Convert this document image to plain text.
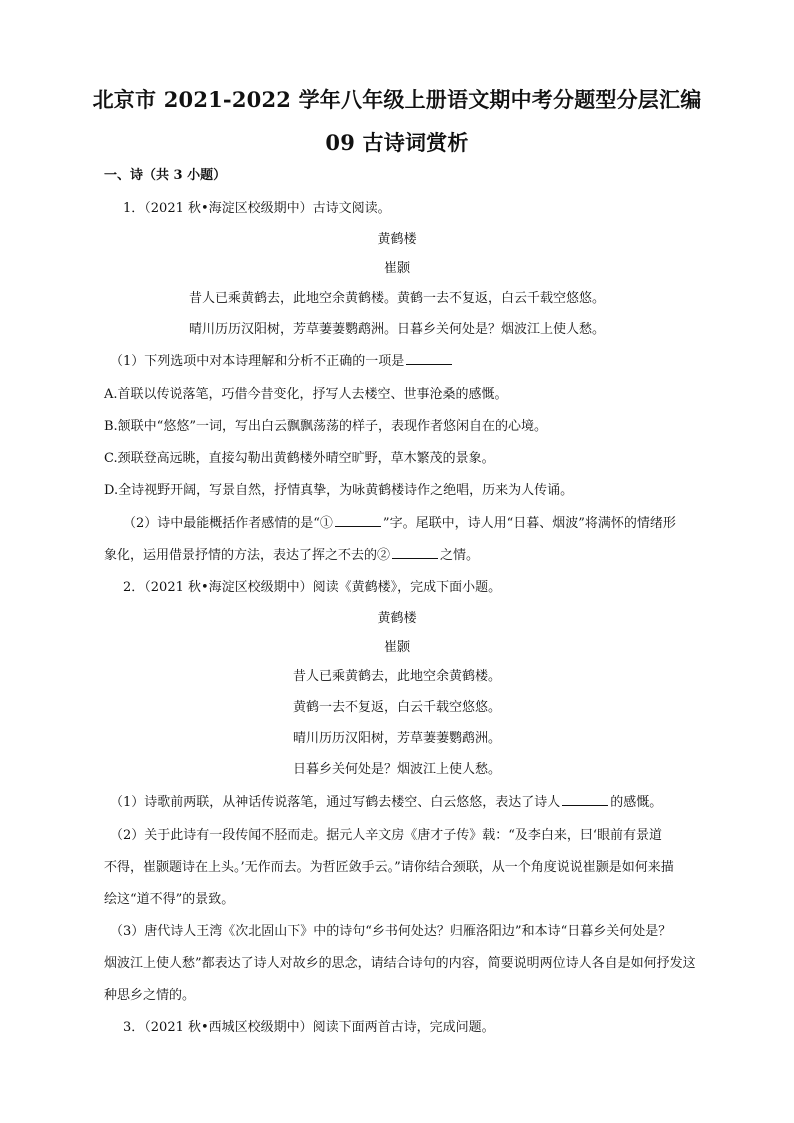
北京市 2021-2022 学年八年级上册语文期中考分题型分层汇编
09 古诗词赏析
一、诗（共 3 小题）
1．（2021 秋•海淀区校级期中）古诗文阅读。
黄鹤楼
崔颢
昔人已乘黄鹤去，此地空余黄鹤楼。黄鹤一去不复返，白云千载空悠悠。
晴川历历汉阳树，芳草萋萋鹦鹉洲。日暮乡关何处是？烟波江上使人愁。
（1）下列选项中对本诗理解和分析不正确的一项是
A.首联以传说落笔，巧借今昔变化，抒写人去楼空、世事沧桑的感慨。
B.颔联中“悠悠”一词，写出白云飘飘荡荡的样子，表现作者悠闲自在的心境。
C.颈联登高远眺，直接勾勒出黄鹤楼外晴空旷野，草木繁茂的景象。
D.全诗视野开阔，写景自然，抒情真挚，为咏黄鹤楼诗作之绝唱，历来为人传诵。
（2）诗中最能概括作者感情的是“①	”字。尾联中，诗人用“日暮、烟波”将满怀的情绪形
象化，运用借景抒情的方法，表达了挥之不去的②	之情。
2．（2021 秋•海淀区校级期中）阅读《黄鹤楼》，完成下面小题。
黄鹤楼
崔颢
昔人已乘黄鹤去，此地空余黄鹤楼。
黄鹤一去不复返，白云千载空悠悠。
晴川历历汉阳树，芳草萋萋鹦鹉洲。
日暮乡关何处是？烟波江上使人愁。
（1）诗歌前两联，从神话传说落笔，通过写鹤去楼空、白云悠悠，表达了诗人	的感慨。
（2）关于此诗有一段传闻不胫而走。据元人辛文房《唐才子传》载：“及李白来，曰‘眼前有景道
不得，崔颢题诗在上头。’无作而去。为哲匠敛手云。”请你结合颈联，从一个角度说说崔颢是如何来描
绘这“道不得”的景致。
（3）唐代诗人王湾《次北固山下》中的诗句“乡书何处达？归雁洛阳边”和本诗“日暮乡关何处是？
烟波江上使人愁”都表达了诗人对故乡的思念，请结合诗句的内容，简要说明两位诗人各自是如何抒发这
种思乡之情的。
3．（2021 秋•西城区校级期中）阅读下面两首古诗，完成问题。
